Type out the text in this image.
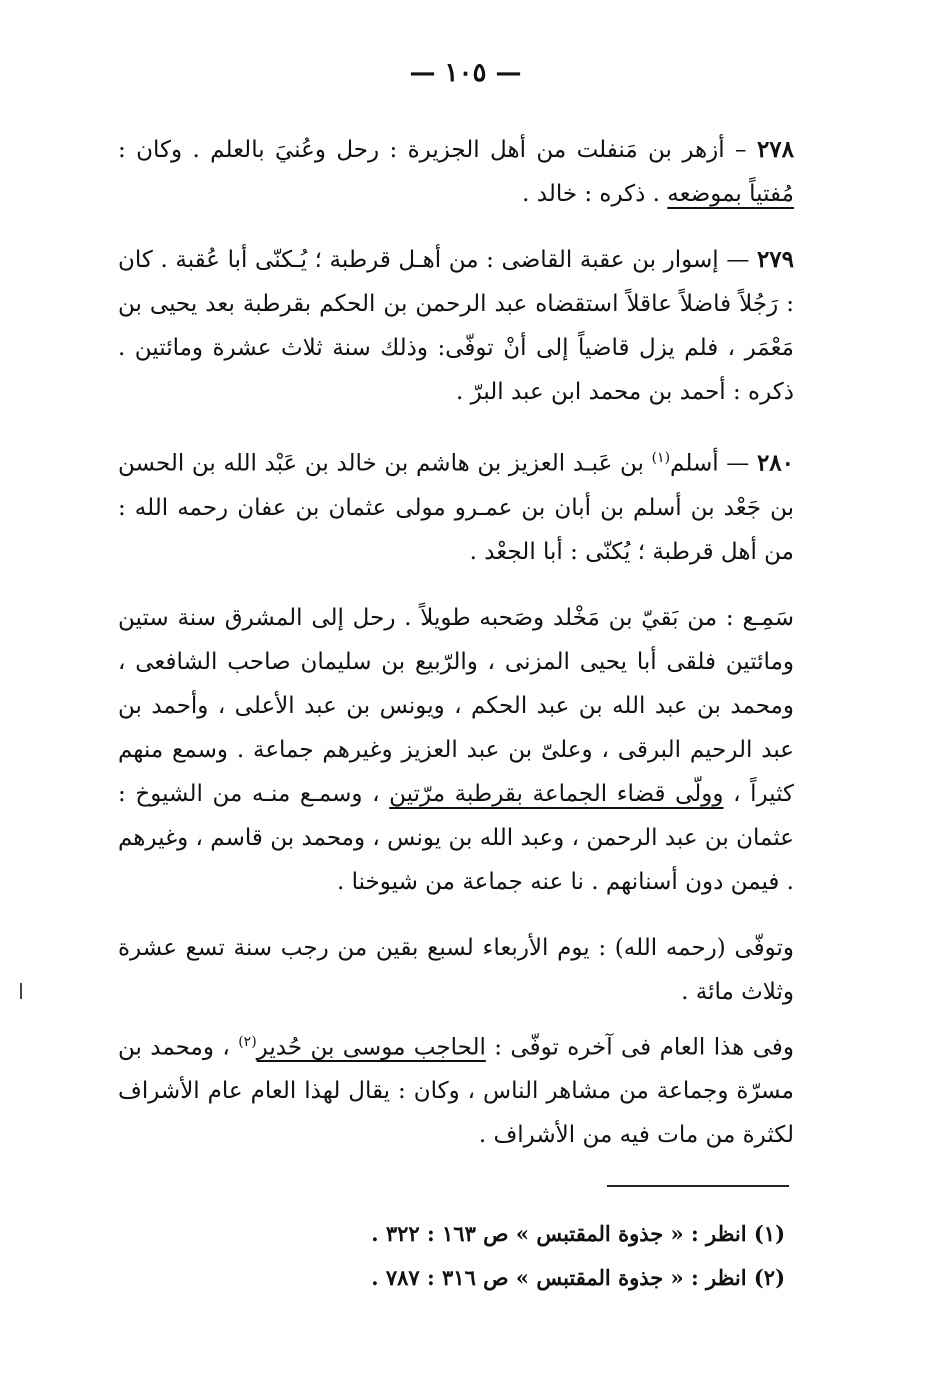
— ١٠٥ —

٢٧٨ – أزهر بن مَنفلت من أهل الجزيرة : رحل وعُنيَ بالعلم . وكان : مُفتياً بموضعه . ذكره : خالد .

٢٧٩ — إسوار بن عقبة القاضى : من أهـل قرطبة ؛ يُـكنّى أبا عُقبة . كان : رَجُلاً فاضلاً عاقلاً استقضاه عبد الرحمن بن الحكم بقرطبة بعد يحيى بن مَعْمَر ، فلم يزل قاضياً إلى أنْ توفّى: وذلك سنة ثلاث عشرة ومائتين . ذكره : أحمد بن محمد ابن عبد البرّ .

٢٨٠ — أسلم$^{(١)}$ بن عَبـد العزيز بن هاشم بن خالد بن عَبْد الله بن الحسن بن جَعْد بن أسلم بن أبان بن عمـرو مولى عثمان بن عفان رحمه الله : من أهل قرطبة ؛ يُكنّى : أبا الجعْد .

سَمِـع : من بَقيّ بن مَخْلد وصَحبه طويلاً . رحل إلى المشرق سنة ستين ومائتين فلقى أبا يحيى المزنى ، والرّبيع بن سليمان صاحب الشافعى ، ومحمد بن عبد الله بن عبد الحكم ، ويونس بن عبد الأعلى ، وأحمد بن عبد الرحيم البرقى ، وعلىّ بن عبد العزيز وغيرهم جماعة . وسمع منهم كثيراً ، وولّى قضاء الجماعة بقرطبة مرّتين ، وسمـع منـه من الشيوخ : عثمان بن عبد الرحمن ، وعبد الله بن يونس ، ومحمد بن قاسم ، وغيرهم . فيمن دون أسنانهم . نا عنه جماعة من شيوخنا .

وتوفّى (رحمه الله) : يوم الأربعاء لسبع بقين من رجب سنة تسع عشرة وثلاث مائة .

وفى هذا العام فى آخره توفّى : الحاجب موسى بن حُدير$^{(٢)}$ ، ومحمد بن مسرّة وجماعة من مشاهر الناس ، وكان : يقال لهذا العام عام الأشراف لكثرة من مات فيه من الأشراف .

(١) انظر : « جذوة المقتبس » ص ١٦٣ : ٣٢٢ .
(٢) انظر : « جذوة المقتبس » ص ٣١٦ : ٧٨٧ .
